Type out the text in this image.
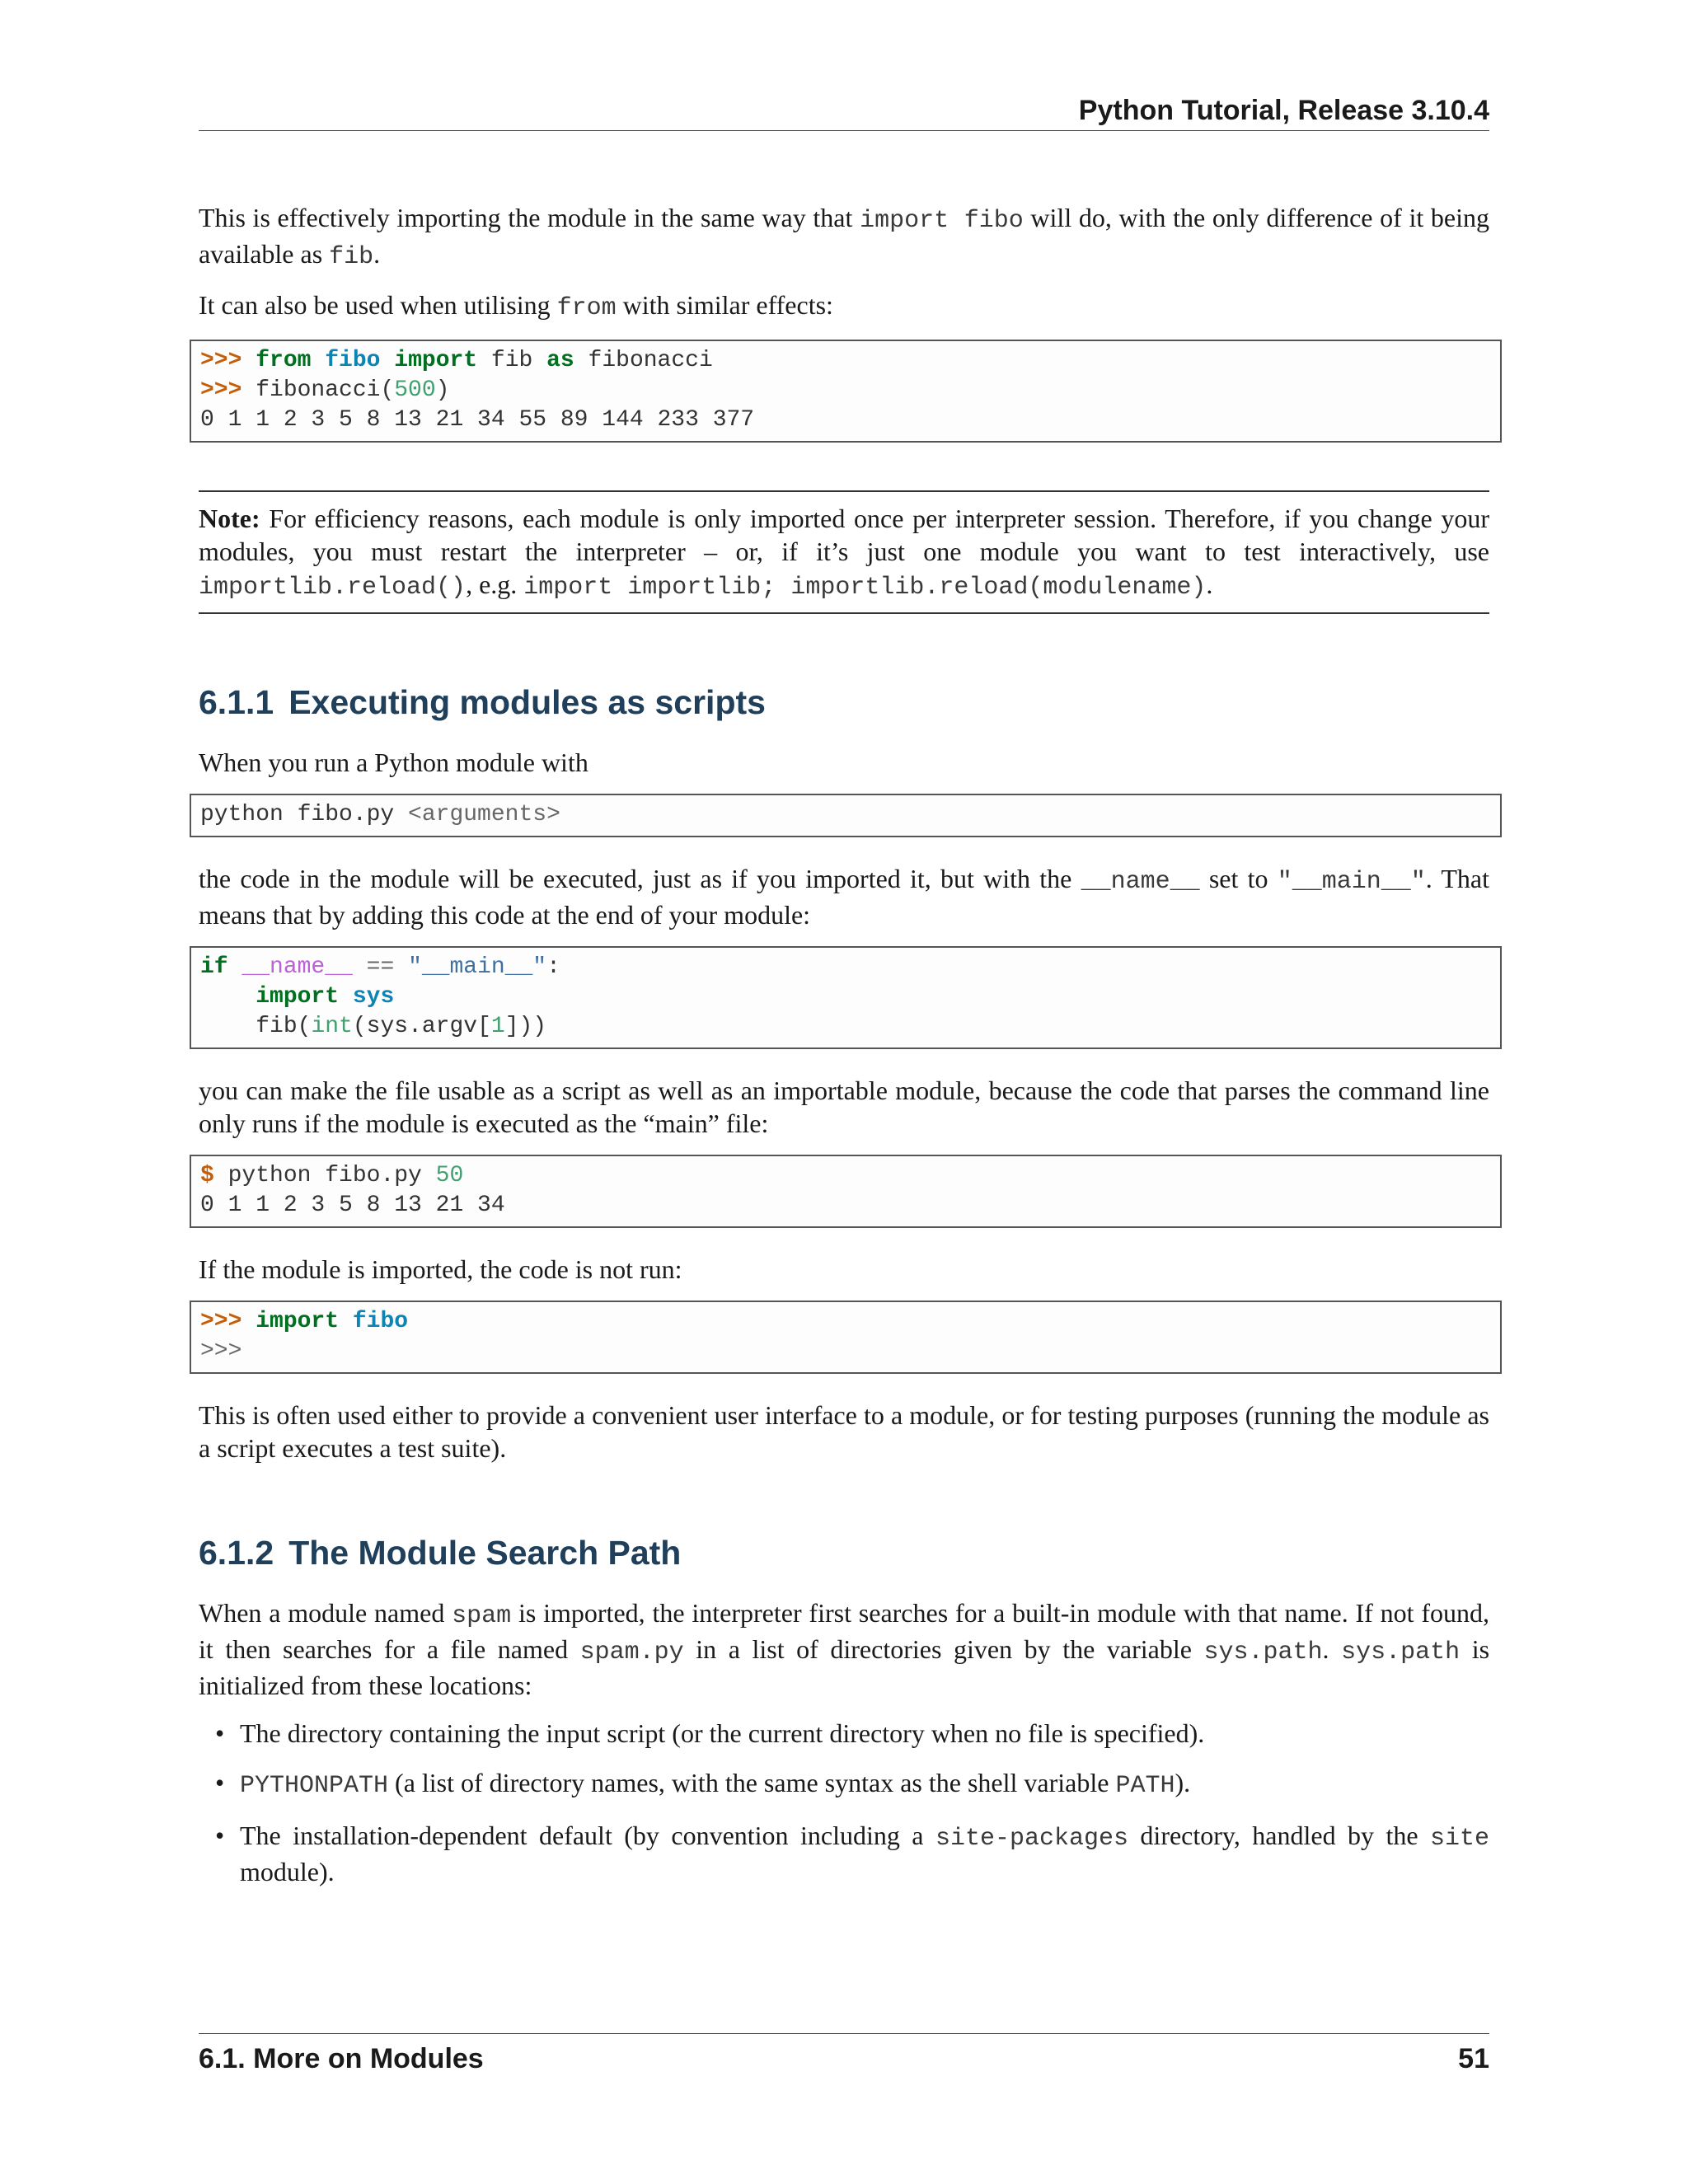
Python Tutorial, Release 3.10.4

This is effectively importing the module in the same way that import fibo will do, with the only difference of it being available as fib.

It can also be used when utilising from with similar effects:

>>> from fibo import fib as fibonacci
>>> fibonacci(500)
0 1 1 2 3 5 8 13 21 34 55 89 144 233 377

Note: For efficiency reasons, each module is only imported once per interpreter session. Therefore, if you change your modules, you must restart the interpreter – or, if it’s just one module you want to test interactively, use importlib.reload(), e.g. import importlib; importlib.reload(modulename).

6.1.1 Executing modules as scripts

When you run a Python module with

python fibo.py <arguments>

the code in the module will be executed, just as if you imported it, but with the __name__ set to "__main__". That means that by adding this code at the end of your module:

if __name__ == "__main__":
import sys
fib(int(sys.argv[1]))

you can make the file usable as a script as well as an importable module, because the code that parses the command line only runs if the module is executed as the “main” file:

$ python fibo.py 50
0 1 1 2 3 5 8 13 21 34

If the module is imported, the code is not run:

>>> import fibo
>>>

This is often used either to provide a convenient user interface to a module, or for testing purposes (running the module as a script executes a test suite).

6.1.2 The Module Search Path

When a module named spam is imported, the interpreter first searches for a built-in module with that name. If not found, it then searches for a file named spam.py in a list of directories given by the variable sys.path. sys.path is initialized from these locations:

• The directory containing the input script (or the current directory when no file is specified).
• PYTHONPATH (a list of directory names, with the same syntax as the shell variable PATH).
• The installation-dependent default (by convention including a site-packages directory, handled by the site module).
6.1. More on Modules	51
